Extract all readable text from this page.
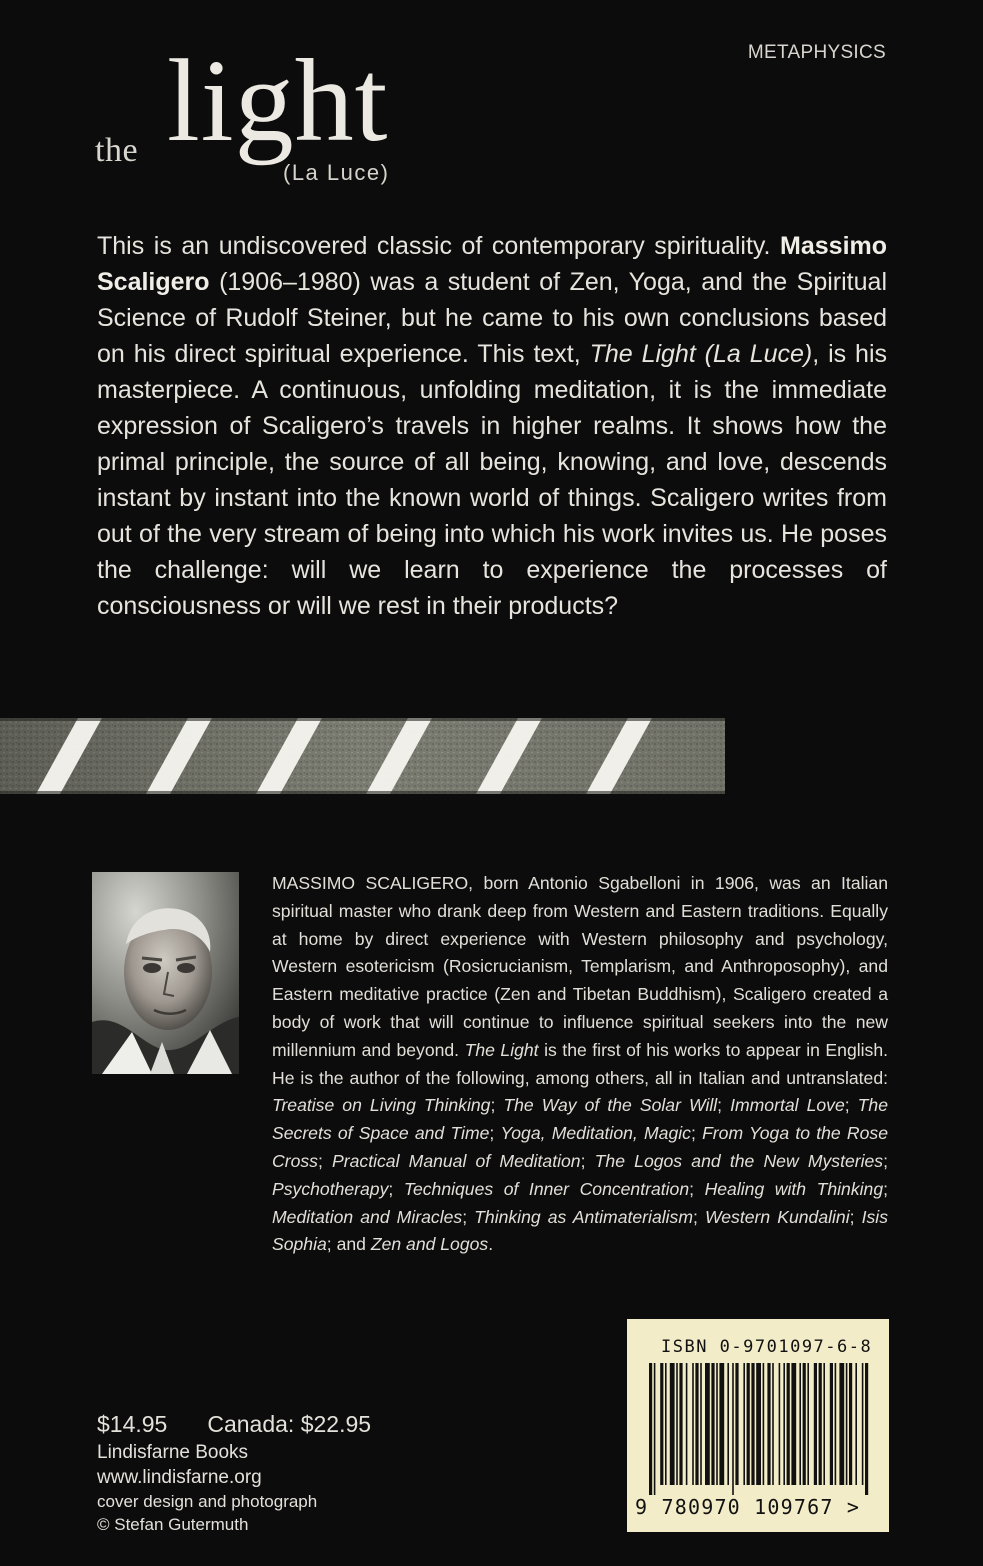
the light
(La Luce)
METAPHYSICS

This is an undiscovered classic of contemporary spirituality. Massimo Scaligero (1906–1980) was a student of Zen, Yoga, and the Spiritual Science of Rudolf Steiner, but he came to his own conclusions based on his direct spiritual experience. This text, The Light (La Luce), is his masterpiece. A continuous, unfolding meditation, it is the immediate expression of Scaligero’s travels in higher realms. It shows how the primal principle, the source of all being, knowing, and love, descends instant by instant into the known world of things. Scaligero writes from out of the very stream of being into which his work invites us. He poses the challenge: will we learn to experience the processes of consciousness or will we rest in their products?

MASSIMO SCALIGERO, born Antonio Sgabelloni in 1906, was an Italian spiritual master who drank deep from Western and Eastern traditions. Equally at home by direct experience with Western philosophy and psychology, Western esotericism (Rosicrucianism, Templarism, and Anthroposophy), and Eastern meditative practice (Zen and Tibetan Buddhism), Scaligero created a body of work that will continue to influence spiritual seekers into the new millennium and beyond. The Light is the first of his works to appear in English. He is the author of the following, among others, all in Italian and untranslated: Treatise on Living Thinking; The Way of the Solar Will; Immortal Love; The Secrets of Space and Time; Yoga, Meditation, Magic; From Yoga to the Rose Cross; Practical Manual of Meditation; The Logos and the New Mysteries; Psychotherapy; Techniques of Inner Concentration; Healing with Thinking; Meditation and Miracles; Thinking as Antimaterialism; Western Kundalini; Isis Sophia; and Zen and Logos.

$14.95 Canada: $22.95
Lindisfarne Books
www.lindisfarne.org
cover design and photograph
© Stefan Gutermuth
ISBN 0-9701097-6-8
9 780970 109767 >
